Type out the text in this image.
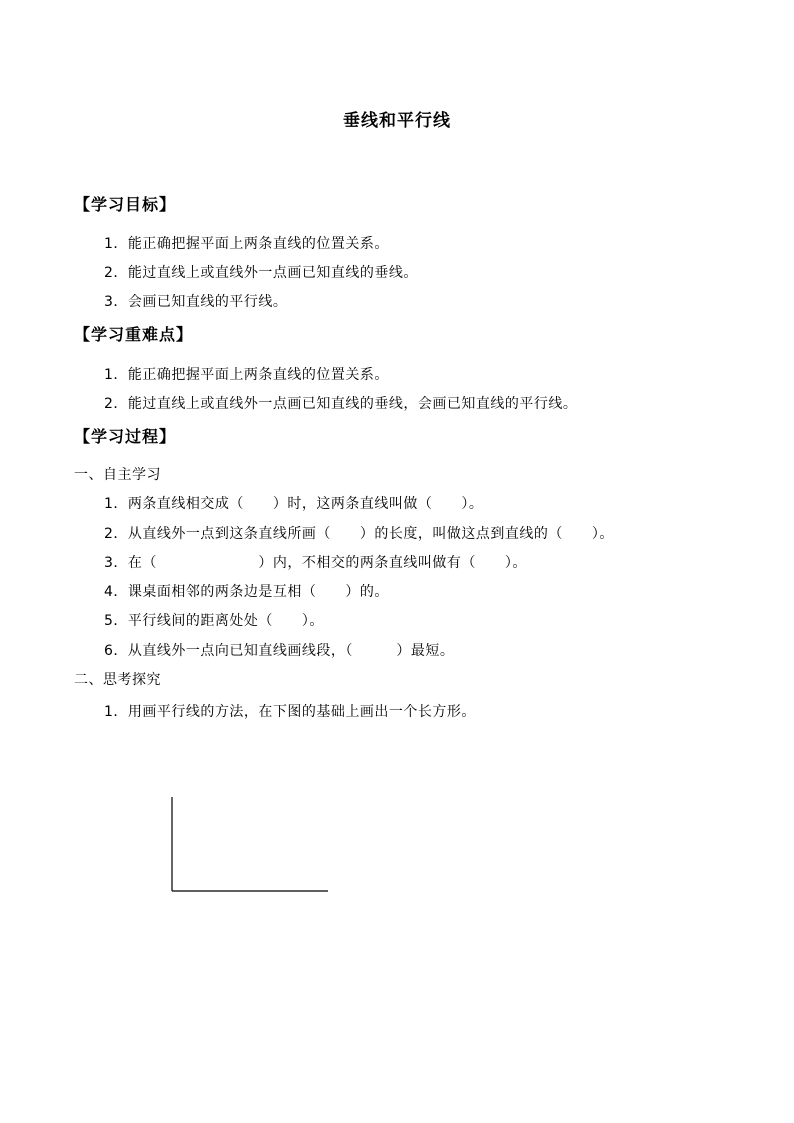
垂线和平行线
【学习目标】
1．能正确把握平面上两条直线的位置关系。
2．能过直线上或直线外一点画已知直线的垂线。
3．会画已知直线的平行线。
【学习重难点】
1．能正确把握平面上两条直线的位置关系。
2．能过直线上或直线外一点画已知直线的垂线，会画已知直线的平行线。
【学习过程】
一、自主学习
1．两条直线相交成（　　）时，这两条直线叫做（　　）。
2．从直线外一点到这条直线所画（　　）的长度，叫做这点到直线的（　　）。
3．在（　　　　　　　）内，不相交的两条直线叫做有（　　）。
4．课桌面相邻的两条边是互相（　　）的。
5．平行线间的距离处处（　　）。
6．从直线外一点向已知直线画线段，（　　　）最短。
二、思考探究
1．用画平行线的方法，在下图的基础上画出一个长方形。
